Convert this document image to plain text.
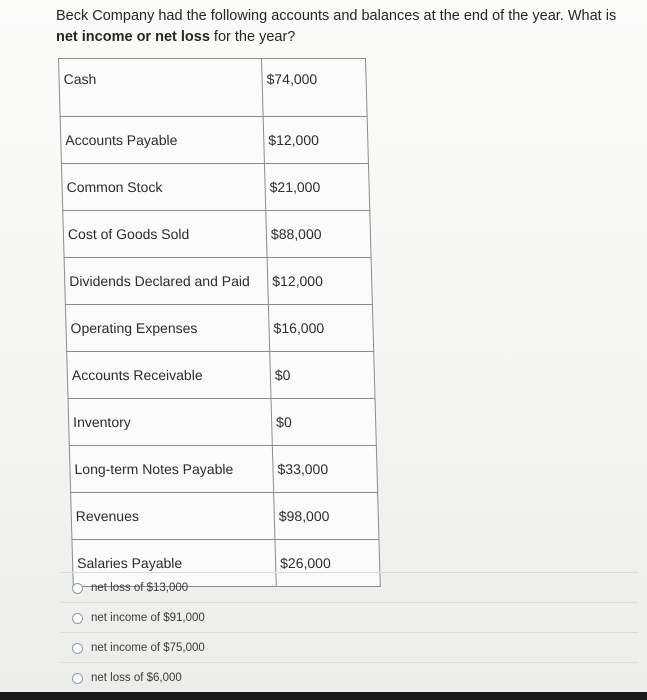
Beck Company had the following accounts and balances at the end of the year. What is net income or net loss for the year?
Cash	$74,000
Accounts Payable	$12,000
Common Stock	$21,000
Cost of Goods Sold	$88,000
Dividends Declared and Paid	$12,000
Operating Expenses	$16,000
Accounts Receivable	$0
Inventory	$0
Long-term Notes Payable	$33,000
Revenues	$98,000
Salaries Payable	$26,000
net loss of $13,000
net income of $91,000
net income of $75,000
net loss of $6,000
